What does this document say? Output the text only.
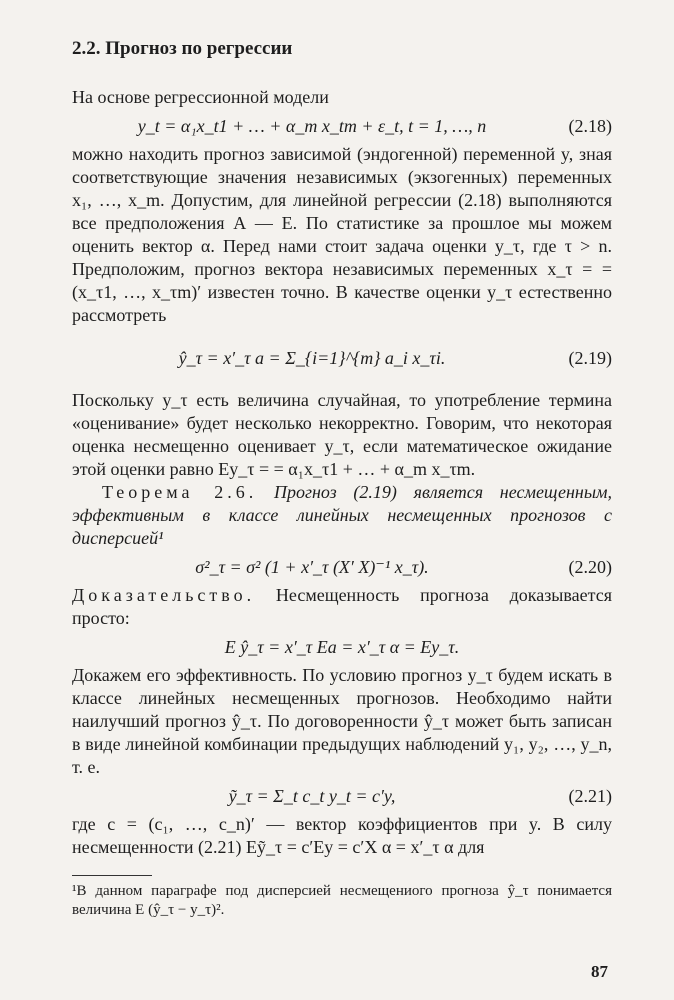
2.2. Прогноз по регрессии

На основе регрессионной модели

y_t = α₁x_t1 + … + α_m x_tm + ε_t, t = 1, …, n	(2.18)

можно находить прогноз зависимой (эндогенной) переменной y, зная соответствующие значения независимых (экзогенных) переменных x₁, …, x_m. Допустим, для линейной регрессии (2.18) выполняются все предположения А — Е. По статистике за прошлое мы можем оценить вектор α. Перед нами стоит задача оценки y_τ, где τ > n. Предположим, прогноз вектора независимых переменных x_τ = = (x_τ1, …, x_τm)′ известен точно. В качестве оценки y_τ естественно рассмотреть

ŷ_τ = x′_τ a = Σ_{i=1}^{m} a_i x_τi.	(2.19)

Поскольку y_τ есть величина случайная, то употребление термина «оценивание» будет несколько некорректно. Говорим, что некоторая оценка несмещенно оценивает y_τ, если математическое ожидание этой оценки равно Ey_τ = = α₁x_τ1 + … + α_m x_τm.

Теорема 2.6. Прогноз (2.19) является несмещенным, эффективным в классе линейных несмещенных прогнозов с дисперсией¹

σ²_τ = σ² (1 + x′_τ (X′ X)⁻¹ x_τ).	(2.20)

Доказательство. Несмещенность прогноза доказывается просто:

E ŷ_τ = x′_τ Ea = x′_τ α = Ey_τ.

Докажем его эффективность. По условию прогноз y_τ будем искать в классе линейных несмещенных прогнозов. Необходимо найти наилучший прогноз ŷ_τ. По договоренности ŷ_τ может быть записан в виде линейной комбинации предыдущих наблюдений y₁, y₂, …, y_n, т. е.

ỹ_τ = Σ_t c_t y_t = c′y,	(2.21)

где c = (c₁, …, c_n)′ — вектор коэффициентов при y. В силу несмещенности (2.21) Eỹ_τ = c′Ey = c′X α = x′_τ α для

¹В данном параграфе под дисперсией несмещениого прогноза ŷ_τ понимается величина E (ŷ_τ − y_τ)².

87
